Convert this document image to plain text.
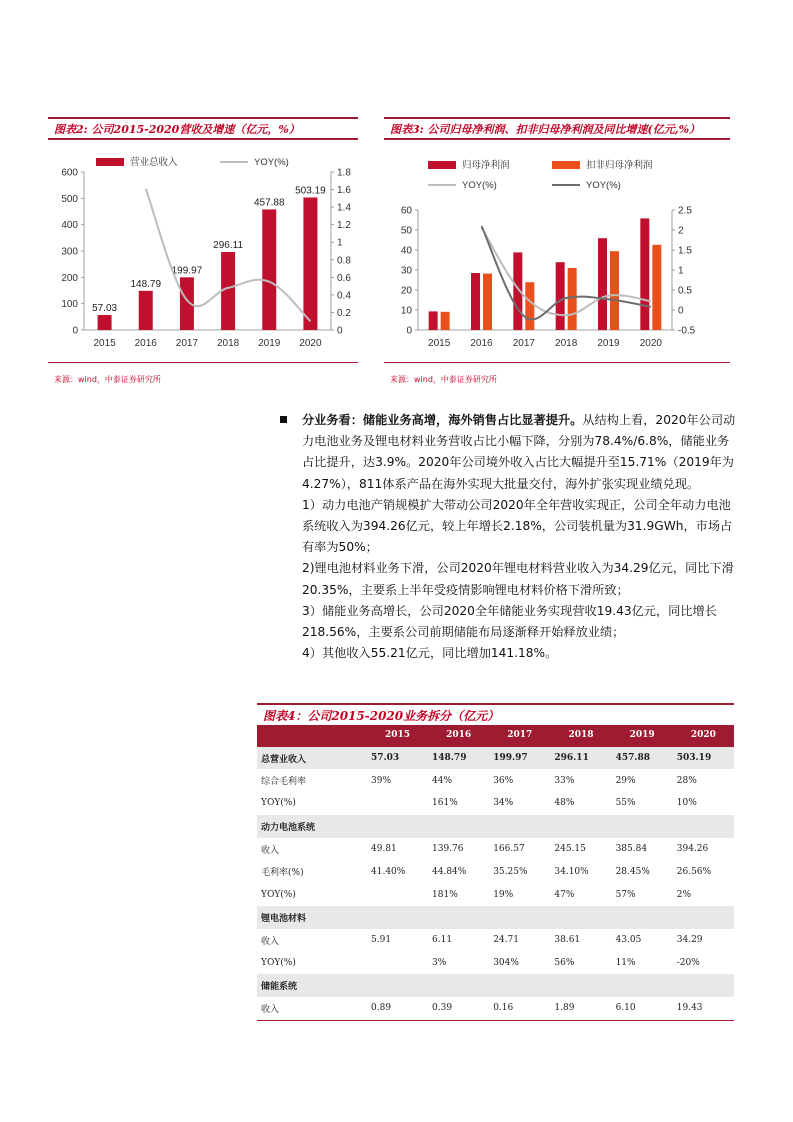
图表2: 公司2015-2020营收及增速（亿元，%）
0
100
200
300
400
500
600
0
0.2
0.4
0.6
0.8
1
1.2
1.4
1.6
1.8
2015 2016 2017 2018 2019 2020
57.03
148.79
199.97
296.11
457.88
503.19
营业总收入	YOY(%)
来源：wind，中泰证券研究所
图表3: 公司归母净利润、扣非归母净利润及同比增速(亿元,%）
0
10
20
30
40
50
60
-0.5
0
0.5
1
1.5
2
2.5
2015 2016 2017 2018 2019 2020
归母净利润	扣非归母净利润
YOY(%)	YOY(%)
来源：wind，中泰证券研究所

分业务看：储能业务高增，海外销售占比显著提升。从结构上看，2020年公司动力电池业务及锂电材料业务营收占比小幅下降，分别为78.4%/6.8%，储能业务占比提升，达3.9%。2020年公司境外收入占比大幅提升至15.71%（2019年为4.27%），811体系产品在海外实现大批量交付，海外扩张实现业绩兑现。

1）动力电池产销规模扩大带动公司2020年全年营收实现正，公司全年动力电池系统收入为394.26亿元，较上年增长2.18%，公司装机量为31.9GWh，市场占有率为50%；

2)锂电池材料业务下滑，公司2020年锂电材料营业收入为34.29亿元，同比下滑20.35%，主要系上半年受疫情影响锂电材料价格下滑所致；

3）储能业务高增长，公司2020全年储能业务实现营收19.43亿元，同比增长218.56%，主要系公司前期储能布局逐渐释开始释放业绩；

4）其他收入55.21亿元，同比增加141.18%。

图表4：公司2015-2020业务拆分（亿元）
	2015	2016	2017	2018	2019	2020
总营业收入	57.03	148.79	199.97	296.11	457.88	503.19
综合毛利率	39%	44%	36%	33%	29%	28%
YOY(%)		161%	34%	48%	55%	10%
动力电池系统						
收入	49.81	139.76	166.57	245.15	385.84	394.26
毛利率(%)	41.40%	44.84%	35.25%	34.10%	28.45%	26.56%
YOY(%)		181%	19%	47%	57%	2%
锂电池材料						
收入	5.91	6.11	24.71	38.61	43.05	34.29
YOY(%)		3%	304%	56%	11%	-20%
储能系统						
收入	0.89	0.39	0.16	1.89	6.10	19.43
